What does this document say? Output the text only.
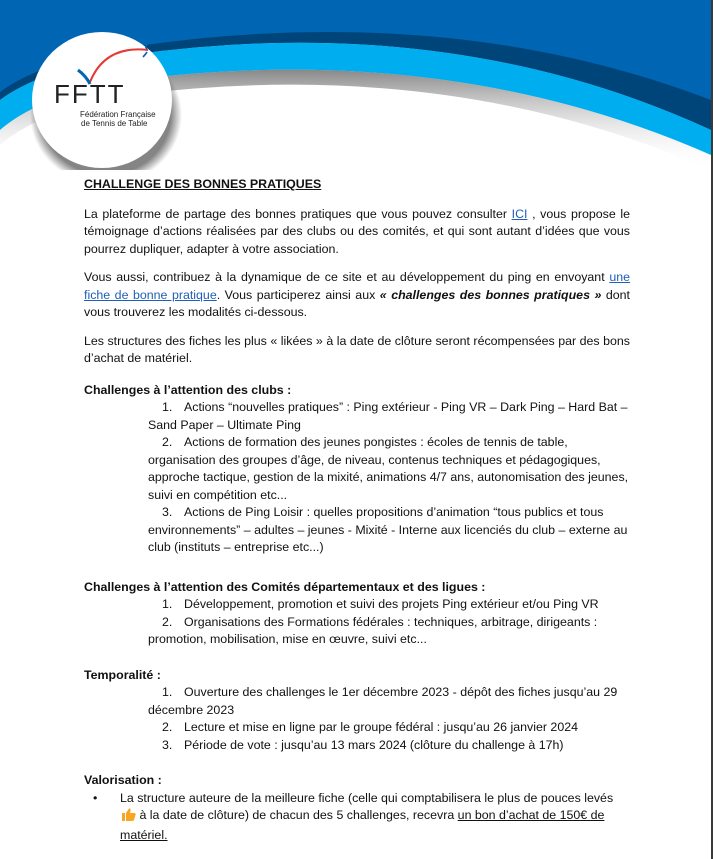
FFTT
Fédération Française
de Tennis de Table
CHALLENGE DES BONNES PRATIQUES

La plateforme de partage des bonnes pratiques que vous pouvez consulter ICI , vous propose le témoignage d’actions réalisées par des clubs ou des comités, et qui sont autant d’idées que vous pourrez dupliquer, adapter à votre association.

Vous aussi, contribuez à la dynamique de ce site et au développement du ping en envoyant une fiche de bonne pratique. Vous participerez ainsi aux « challenges des bonnes pratiques » dont vous trouverez les modalités ci-dessous.

Les structures des fiches les plus « likées » à la date de clôture seront récompensées par des bons d’achat de matériel.

Challenges à l’attention des clubs :
1. Actions “nouvelles pratiques” : Ping extérieur - Ping VR – Dark Ping – Hard Bat – Sand Paper – Ultimate Ping
2. Actions de formation des jeunes pongistes : écoles de tennis de table, organisation des groupes d’âge, de niveau, contenus techniques et pédagogiques, approche tactique, gestion de la mixité, animations 4/7 ans, autonomisation des jeunes, suivi en compétition etc...
3. Actions de Ping Loisir : quelles propositions d’animation “tous publics et tous environnements” – adultes – jeunes - Mixité - Interne aux licenciés du club – externe au club (instituts – entreprise etc...)
Challenges à l’attention des Comités départementaux et des ligues :
1. Développement, promotion et suivi des projets Ping extérieur et/ou Ping VR
2. Organisations des Formations fédérales : techniques, arbitrage, dirigeants : promotion, mobilisation, mise en œuvre, suivi etc...
Temporalité :
1. Ouverture des challenges le 1er décembre 2023 - dépôt des fiches jusqu’au 29 décembre 2023
2. Lecture et mise en ligne par le groupe fédéral : jusqu’au 26 janvier 2024
3. Période de vote : jusqu’au 13 mars 2024 (clôture du challenge à 17h)
Valorisation :
• La structure auteure de la meilleure fiche (celle qui comptabilisera le plus de pouces levés  à la date de clôture) de chacun des 5 challenges, recevra un bon d’achat de 150€ de matériel.
